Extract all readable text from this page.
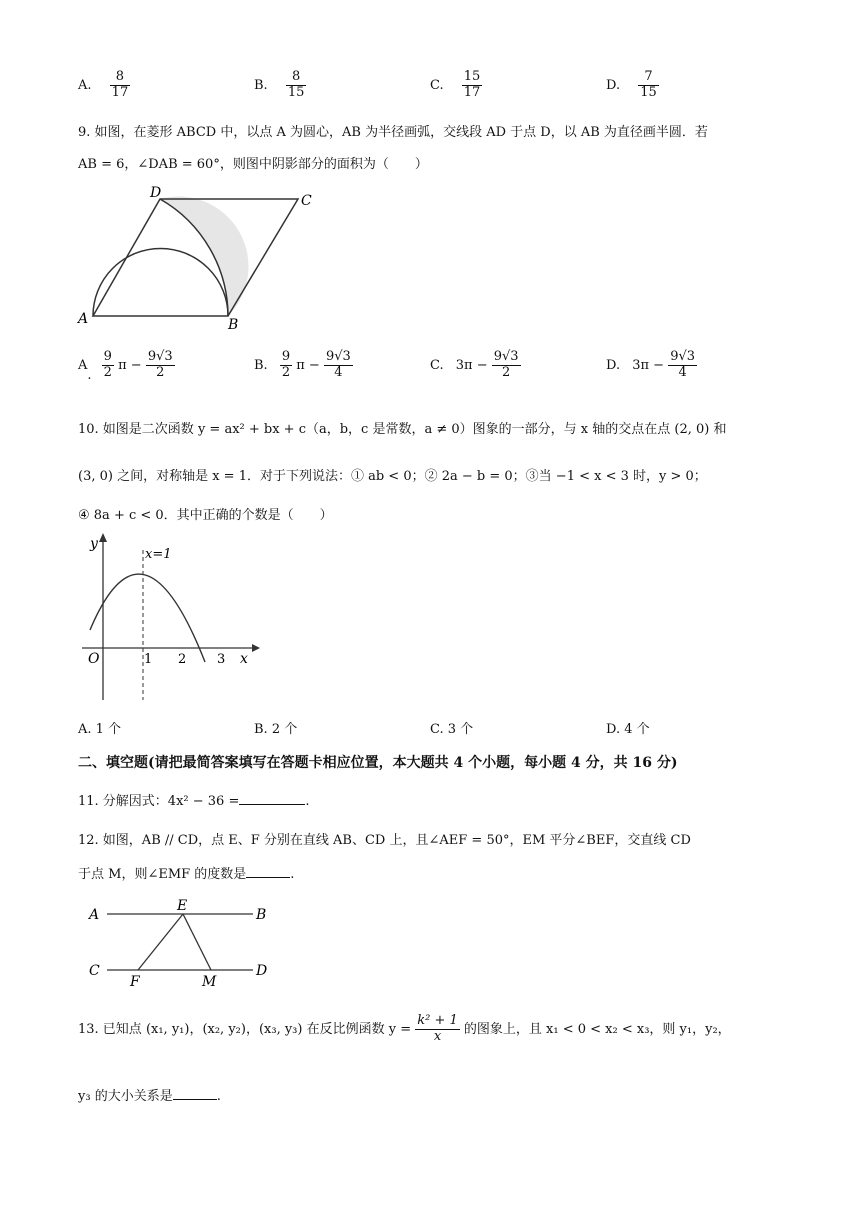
A. $\frac{8}{17}$	B. $\frac{8}{15}$	C. $\frac{15}{17}$	D. $\frac{7}{15}$
9. 如图，在菱形 ABCD 中，以点 A 为圆心，AB 为半径画弧，交线段 AD 于点 D，以 AB 为直径画半圆．若
AB = 6，∠DAB = 60°，则图中阴影部分的面积为（　　）
A	B
C
D
A. $\frac{9}{2}$ $\pi - \frac{9√3}{2}$	B. $\frac{9}{2}$ $\pi - \frac{9√3}{4}$	C. $3\pi - \frac{9√3}{2}$	D. $3\pi - \frac{9√3}{4}$
10. 如图是二次函数 y = ax² + bx + c（a，b，c 是常数，a ≠ 0）图象的一部分，与 x 轴的交点在点 (2, 0) 和
(3, 0) 之间，对称轴是 x = 1．对于下列说法：① ab < 0；② 2a − b = 0；③当 −1 < x < 3 时，y > 0；
④ 8a + c < 0．其中正确的个数是（　　）
y
x=1
O	1 2 3 x
A. 1 个	B. 2 个	C. 3 个	D. 4 个
二、填空题(请把最简答案填写在答题卡相应位置，本大题共 4 个小题，每小题 4 分，共 16 分)
11. 分解因式：4x² − 36 =	.
12. 如图，AB // CD，点 E、F 分别在直线 AB、CD 上，且∠AEF = 50°，EM 平分∠BEF，交直线 CD
于点 M，则∠EMF 的度数是	.
A	B
C	D
E
F	M
13. 已知点 (x₁, y₁)，(x₂, y₂)，(x₃, y₃) 在反比例函数 $y = \frac{\text{k² + 1}}{x}$ 的图象上，且 x₁ < 0 < x₂ < x₃，则 y₁，y₂，
y₃ 的大小关系是	.
